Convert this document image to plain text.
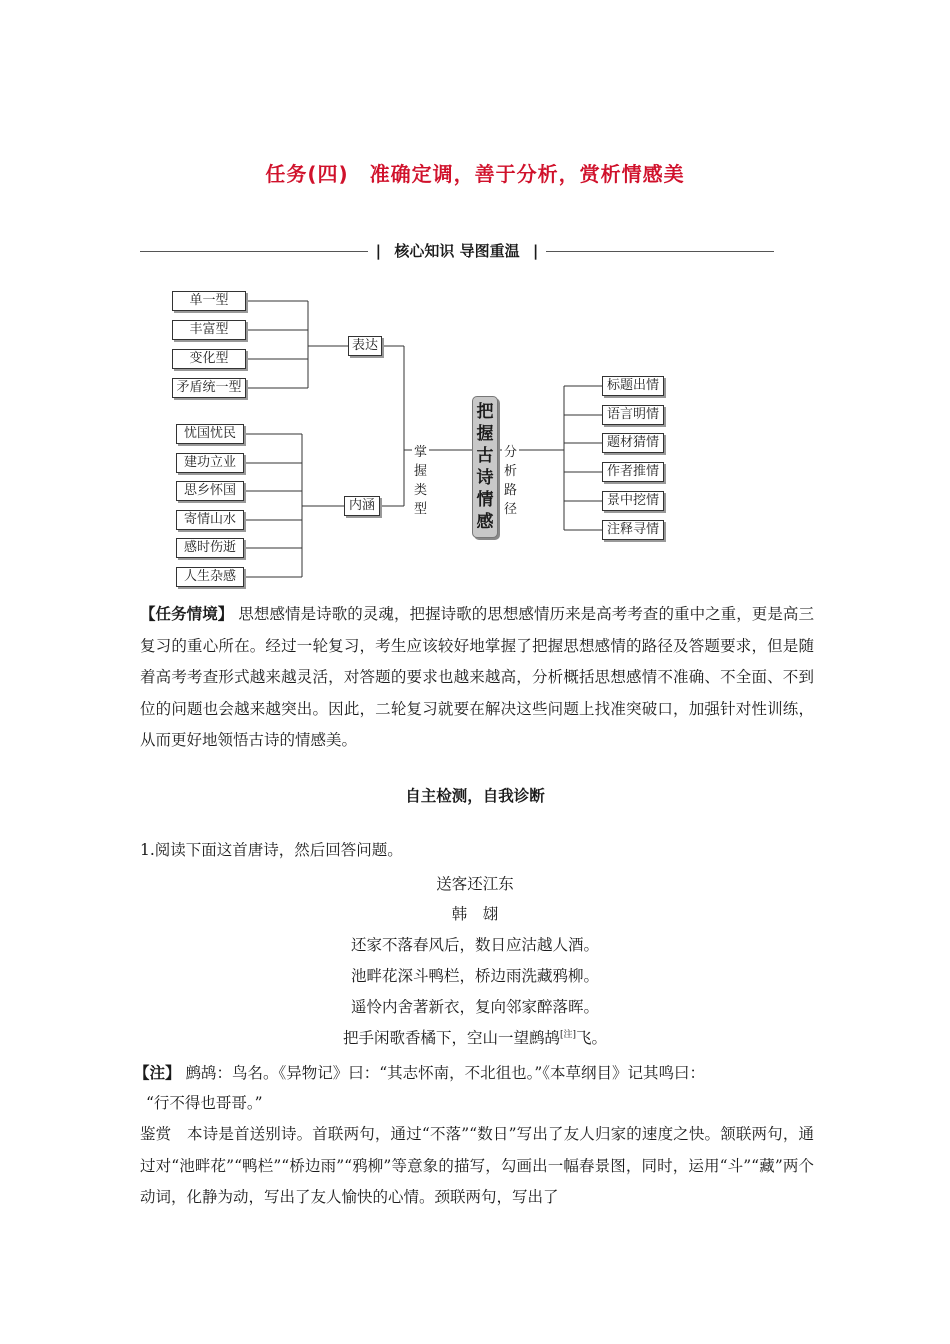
任务(四)　准确定调，善于分析，赏析情感美
| 核心知识 导图重温 |
单一型
丰富型
变化型
矛盾统一型
表达
忧国忧民
建功立业
思乡怀国
寄情山水
感时伤逝
人生杂感
内涵
掌握类型
把握古诗情感
分析路径
标题出情
语言明情
题材猜情
作者推情
景中挖情
注释寻情
【任务情境】 思想感情是诗歌的灵魂，把握诗歌的思想感情历来是高考考查的重中之重，更是高三复习的重心所在。经过一轮复习，考生应该较好地掌握了把握思想感情的路径及答题要求，但是随着高考考查形式越来越灵活，对答题的要求也越来越高，分析概括思想感情不准确、不全面、不到位的问题也会越来越突出。因此，二轮复习就要在解决这些问题上找准突破口，加强针对性训练，从而更好地领悟古诗的情感美。
自主检测，自我诊断
1.阅读下面这首唐诗，然后回答问题。
送客还江东
韩　翃
还家不落春风后，数日应沽越人酒。
池畔花深斗鸭栏，桥边雨洗藏鸦柳。
遥怜内舍著新衣，复向邻家醉落晖。
把手闲歌香橘下，空山一望鹧鸪[注]飞。
【注】 鹧鸪：鸟名。《异物记》曰：“其志怀南，不北徂也。”《本草纲目》记其鸣曰：
“行不得也哥哥。”
鉴赏　 本诗是首送别诗。首联两句，通过“不落”“数日”写出了友人归家的速度之快。颔联两句，通过对“池畔花”“鸭栏”“桥边雨”“鸦柳”等意象的描写，勾画出一幅春景图，同时，运用“斗”“藏”两个动词，化静为动，写出了友人愉快的心情。颈联两句，写出了
